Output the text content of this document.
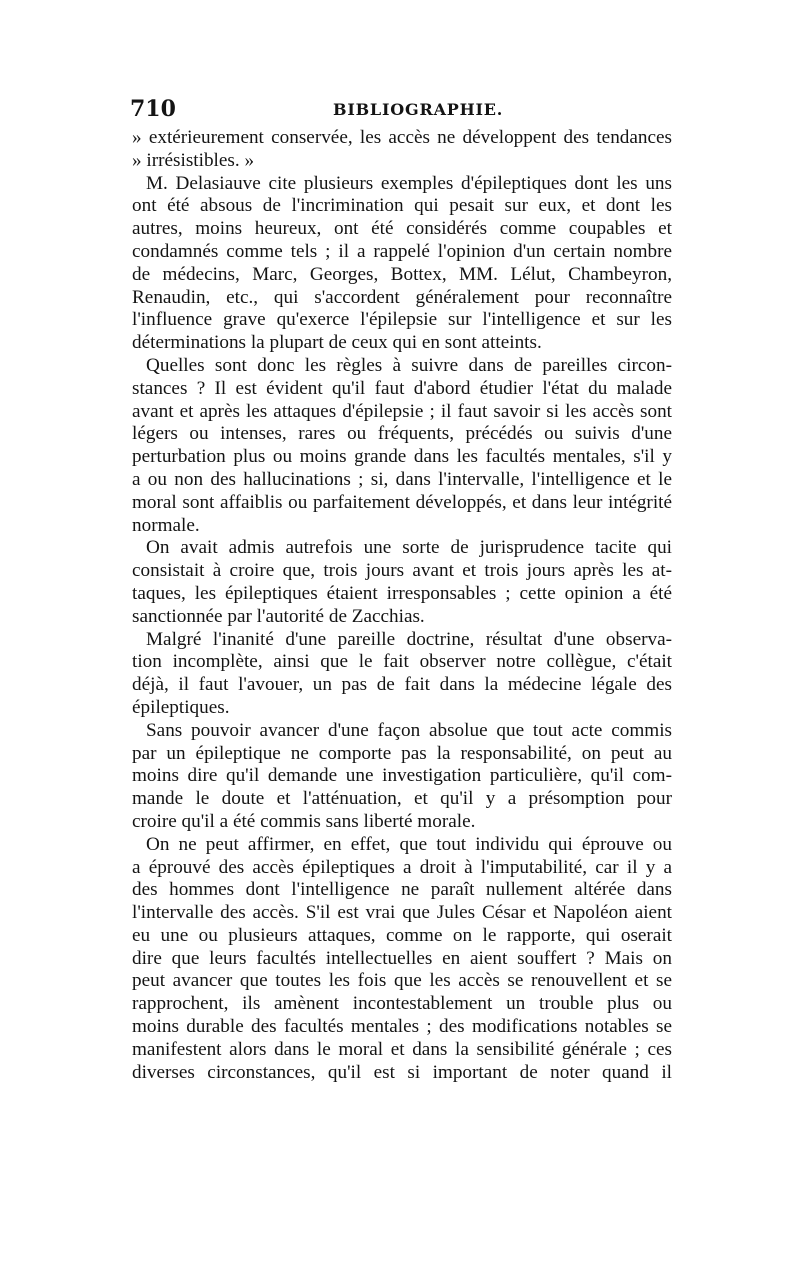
710	BIBLIOGRAPHIE.
» extérieurement conservée, les accès ne développent des tendances
» irrésistibles. »
M. Delasiauve cite plusieurs exemples d'épileptiques dont les uns
ont été absous de l'incrimination qui pesait sur eux, et dont les
autres, moins heureux, ont été considérés comme coupables et
condamnés comme tels ; il a rappelé l'opinion d'un certain nombre
de médecins, Marc, Georges, Bottex, MM. Lélut, Chambeyron,
Renaudin, etc., qui s'accordent généralement pour reconnaître
l'influence grave qu'exerce l'épilepsie sur l'intelligence et sur les
déterminations la plupart de ceux qui en sont atteints.
Quelles sont donc les règles à suivre dans de pareilles circon-
stances ? Il est évident qu'il faut d'abord étudier l'état du malade
avant et après les attaques d'épilepsie ; il faut savoir si les accès sont
légers ou intenses, rares ou fréquents, précédés ou suivis d'une
perturbation plus ou moins grande dans les facultés mentales, s'il y
a ou non des hallucinations ; si, dans l'intervalle, l'intelligence et le
moral sont affaiblis ou parfaitement développés, et dans leur intégrité
normale.
On avait admis autrefois une sorte de jurisprudence tacite qui
consistait à croire que, trois jours avant et trois jours après les at-
taques, les épileptiques étaient irresponsables ; cette opinion a été
sanctionnée par l'autorité de Zacchias.
Malgré l'inanité d'une pareille doctrine, résultat d'une observa-
tion incomplète, ainsi que le fait observer notre collègue, c'était
déjà, il faut l'avouer, un pas de fait dans la médecine légale des
épileptiques.
Sans pouvoir avancer d'une façon absolue que tout acte commis
par un épileptique ne comporte pas la responsabilité, on peut au
moins dire qu'il demande une investigation particulière, qu'il com-
mande le doute et l'atténuation, et qu'il y a présomption pour
croire qu'il a été commis sans liberté morale.
On ne peut affirmer, en effet, que tout individu qui éprouve ou
a éprouvé des accès épileptiques a droit à l'imputabilité, car il y a
des hommes dont l'intelligence ne paraît nullement altérée dans
l'intervalle des accès. S'il est vrai que Jules César et Napoléon aient
eu une ou plusieurs attaques, comme on le rapporte, qui oserait
dire que leurs facultés intellectuelles en aient souffert ? Mais on
peut avancer que toutes les fois que les accès se renouvellent et se
rapprochent, ils amènent incontestablement un trouble plus ou
moins durable des facultés mentales ; des modifications notables se
manifestent alors dans le moral et dans la sensibilité générale ; ces
diverses circonstances, qu'il est si important de noter quand il
